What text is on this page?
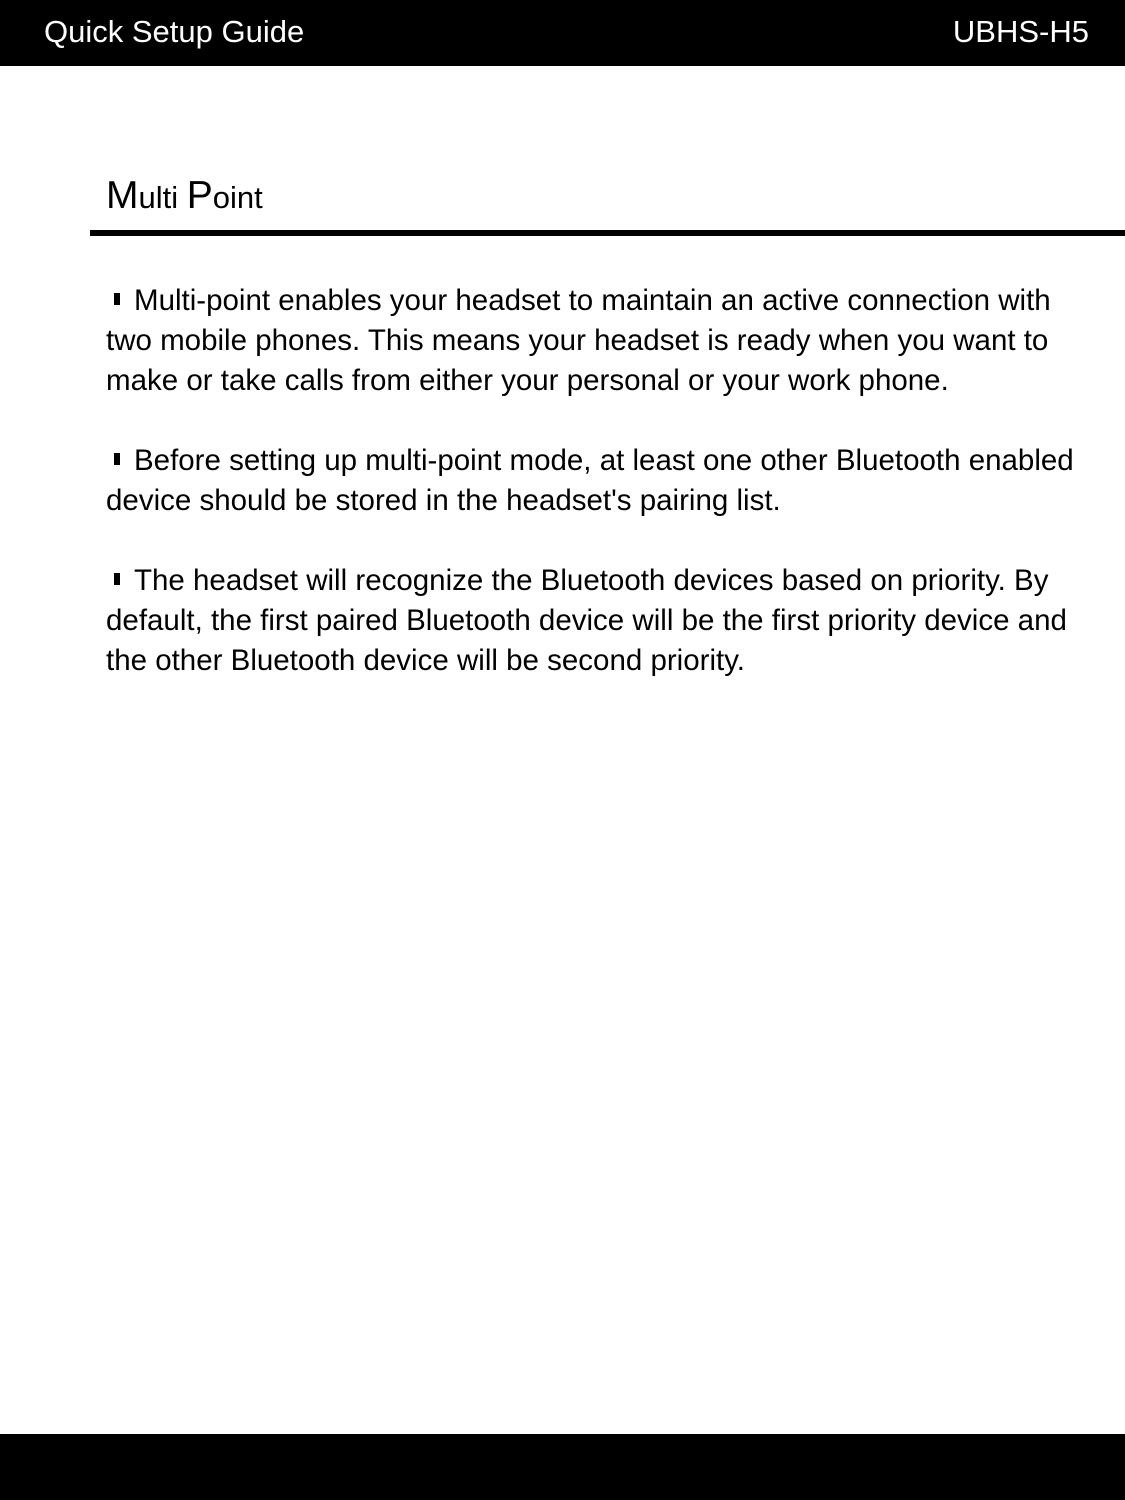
Quick Setup Guide	UBHS-H5
Multi Point

Multi-point enables your headset to maintain an active connection with two mobile phones. This means your headset is ready when you want to make or take calls from either your personal or your work phone.

Before setting up multi-point mode, at least one other Bluetooth enabled device should be stored in the headset's pairing list.

The headset will recognize the Bluetooth devices based on priority. By default, the first paired Bluetooth device will be the first priority device and the other Bluetooth device will be second priority.
